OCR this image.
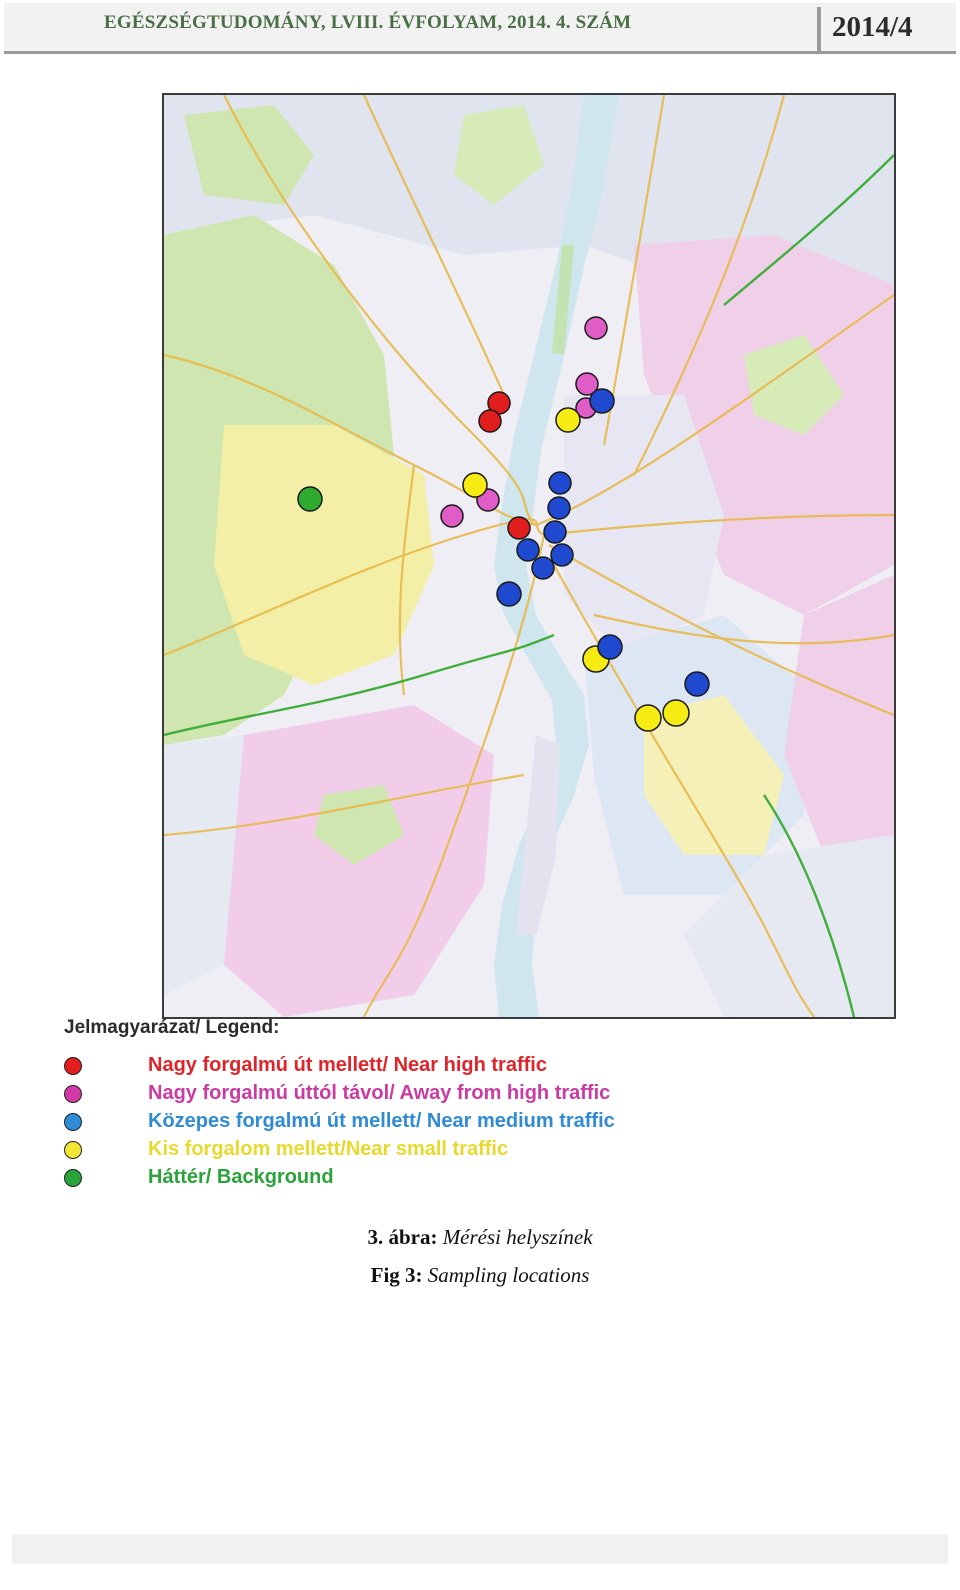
EGÉSZSÉGTUDOMÁNY, LVIII. ÉVFOLYAM, 2014. 4. SZÁM	2014/4
Jelmagyarázat/ Legend:
Nagy forgalmú út mellett/ Near high traffic
Nagy forgalmú úttól távol/ Away from high traffic
Közepes forgalmú út mellett/ Near medium traffic
Kis forgalom mellett/Near small traffic
Háttér/ Background
3. ábra: Mérési helyszínek
Fig 3: Sampling locations
